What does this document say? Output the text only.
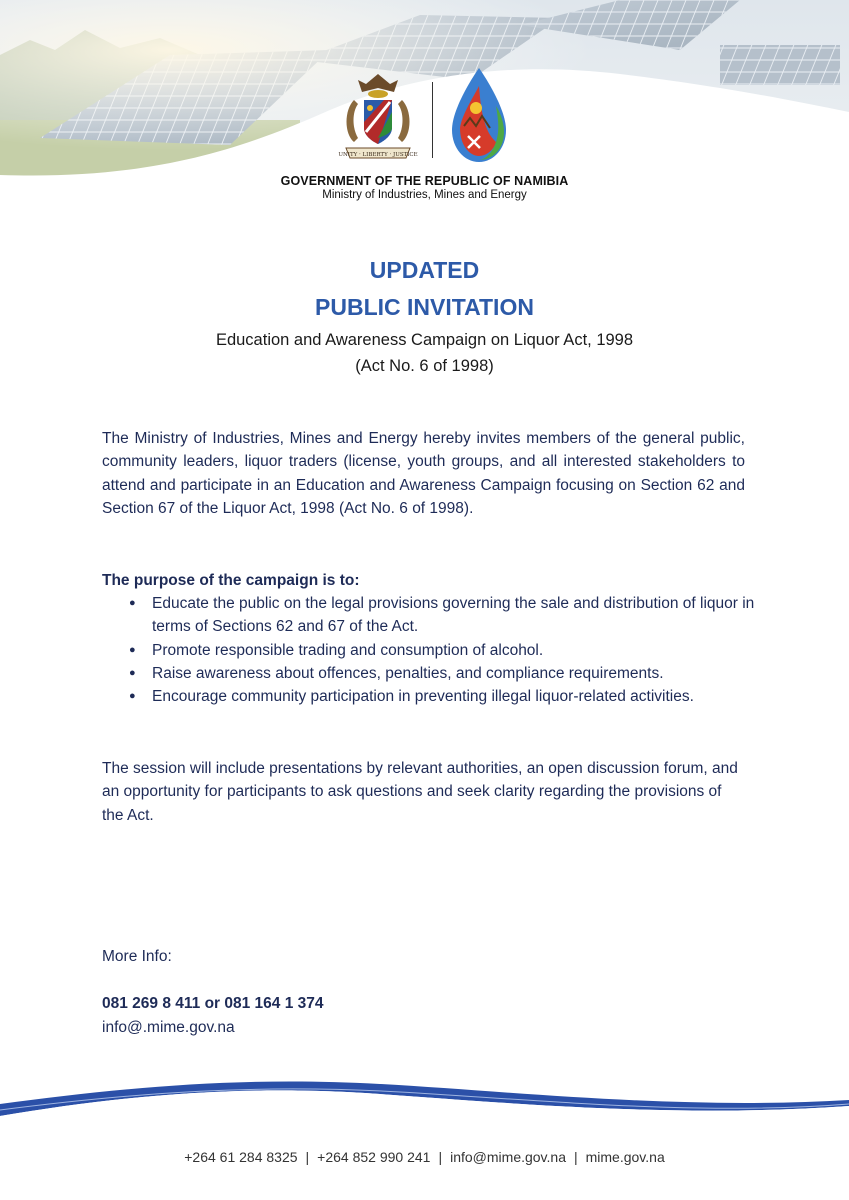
UNITY · LIBERTY · JUSTICE
GOVERNMENT OF THE REPUBLIC OF NAMIBIA
Ministry of Industries, Mines and Energy
UPDATED
PUBLIC INVITATION
Education and Awareness Campaign on Liquor Act, 1998
(Act No. 6 of 1998)
The Ministry of Industries, Mines and Energy hereby invites members of the general public, community leaders, liquor traders (license, youth groups, and all interested stakeholders to attend and participate in an Education and Awareness Campaign focusing on Section 62 and Section 67 of the Liquor Act, 1998 (Act No. 6 of 1998).
The purpose of the campaign is to:
● Educate the public on the legal provisions governing the sale and distribution of liquor in terms of Sections 62 and 67 of the Act.
● Promote responsible trading and consumption of alcohol.
● Raise awareness about offences, penalties, and compliance requirements.
● Encourage community participation in preventing illegal liquor-related activities.
The session will include presentations by relevant authorities, an open discussion forum, and an opportunity for participants to ask questions and seek clarity regarding the provisions of the Act.
More Info:
081 269 8 411 or 081 164 1 374
info@.mime.gov.na
+264 61 284 8325 | +264 852 990 241 | info@mime.gov.na | mime.gov.na
